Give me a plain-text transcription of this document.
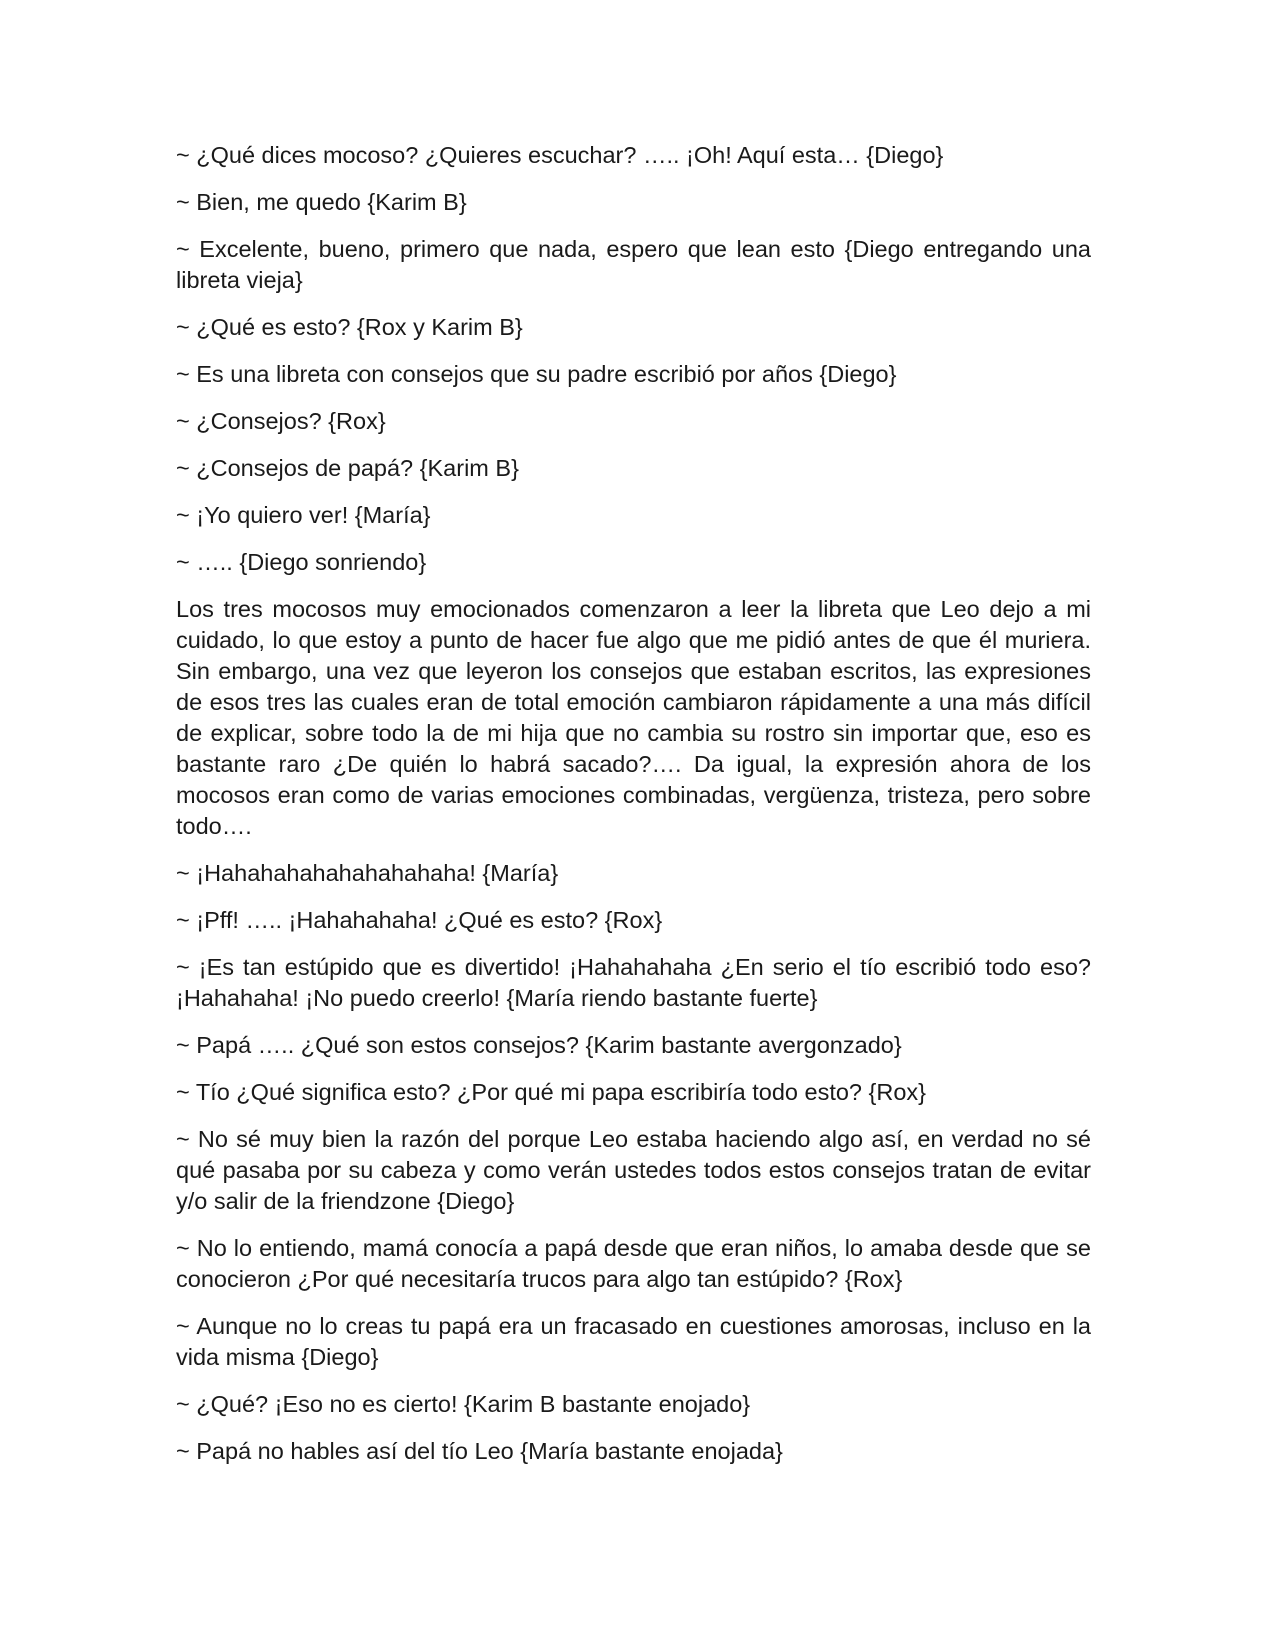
~ ¿Qué dices mocoso? ¿Quieres escuchar? ….. ¡Oh! Aquí esta… {Diego}

~ Bien, me quedo {Karim B}

~ Excelente, bueno, primero que nada, espero que lean esto {Diego entregando una libreta vieja}

~ ¿Qué es esto? {Rox y Karim B}

~ Es una libreta con consejos que su padre escribió por años {Diego}

~ ¿Consejos? {Rox}

~ ¿Consejos de papá? {Karim B}

~ ¡Yo quiero ver! {María}

~ ….. {Diego sonriendo}

Los tres mocosos muy emocionados comenzaron a leer la libreta que Leo dejo a mi cuidado, lo que estoy a punto de hacer fue algo que me pidió antes de que él muriera. Sin embargo, una vez que leyeron los consejos que estaban escritos, las expresiones de esos tres las cuales eran de total emoción cambiaron rápidamente a una más difícil de explicar, sobre todo la de mi hija que no cambia su rostro sin importar que, eso es bastante raro ¿De quién lo habrá sacado?…. Da igual, la expresión ahora de los mocosos eran como de varias emociones combinadas, vergüenza, tristeza, pero sobre todo….

~ ¡Hahahahahahahahahaha! {María}

~ ¡Pff! ….. ¡Hahahahaha! ¿Qué es esto? {Rox}

~ ¡Es tan estúpido que es divertido! ¡Hahahahaha ¿En serio el tío escribió todo eso? ¡Hahahaha! ¡No puedo creerlo! {María riendo bastante fuerte}

~ Papá ….. ¿Qué son estos consejos? {Karim bastante avergonzado}

~ Tío ¿Qué significa esto? ¿Por qué mi papa escribiría todo esto? {Rox}

~ No sé muy bien la razón del porque Leo estaba haciendo algo así, en verdad no sé qué pasaba por su cabeza y como verán ustedes todos estos consejos tratan de evitar y/o salir de la friendzone {Diego}

~ No lo entiendo, mamá conocía a papá desde que eran niños, lo amaba desde que se conocieron ¿Por qué necesitaría trucos para algo tan estúpido? {Rox}

~ Aunque no lo creas tu papá era un fracasado en cuestiones amorosas, incluso en la vida misma {Diego}

~ ¿Qué? ¡Eso no es cierto! {Karim B bastante enojado}

~ Papá no hables así del tío Leo {María bastante enojada}
